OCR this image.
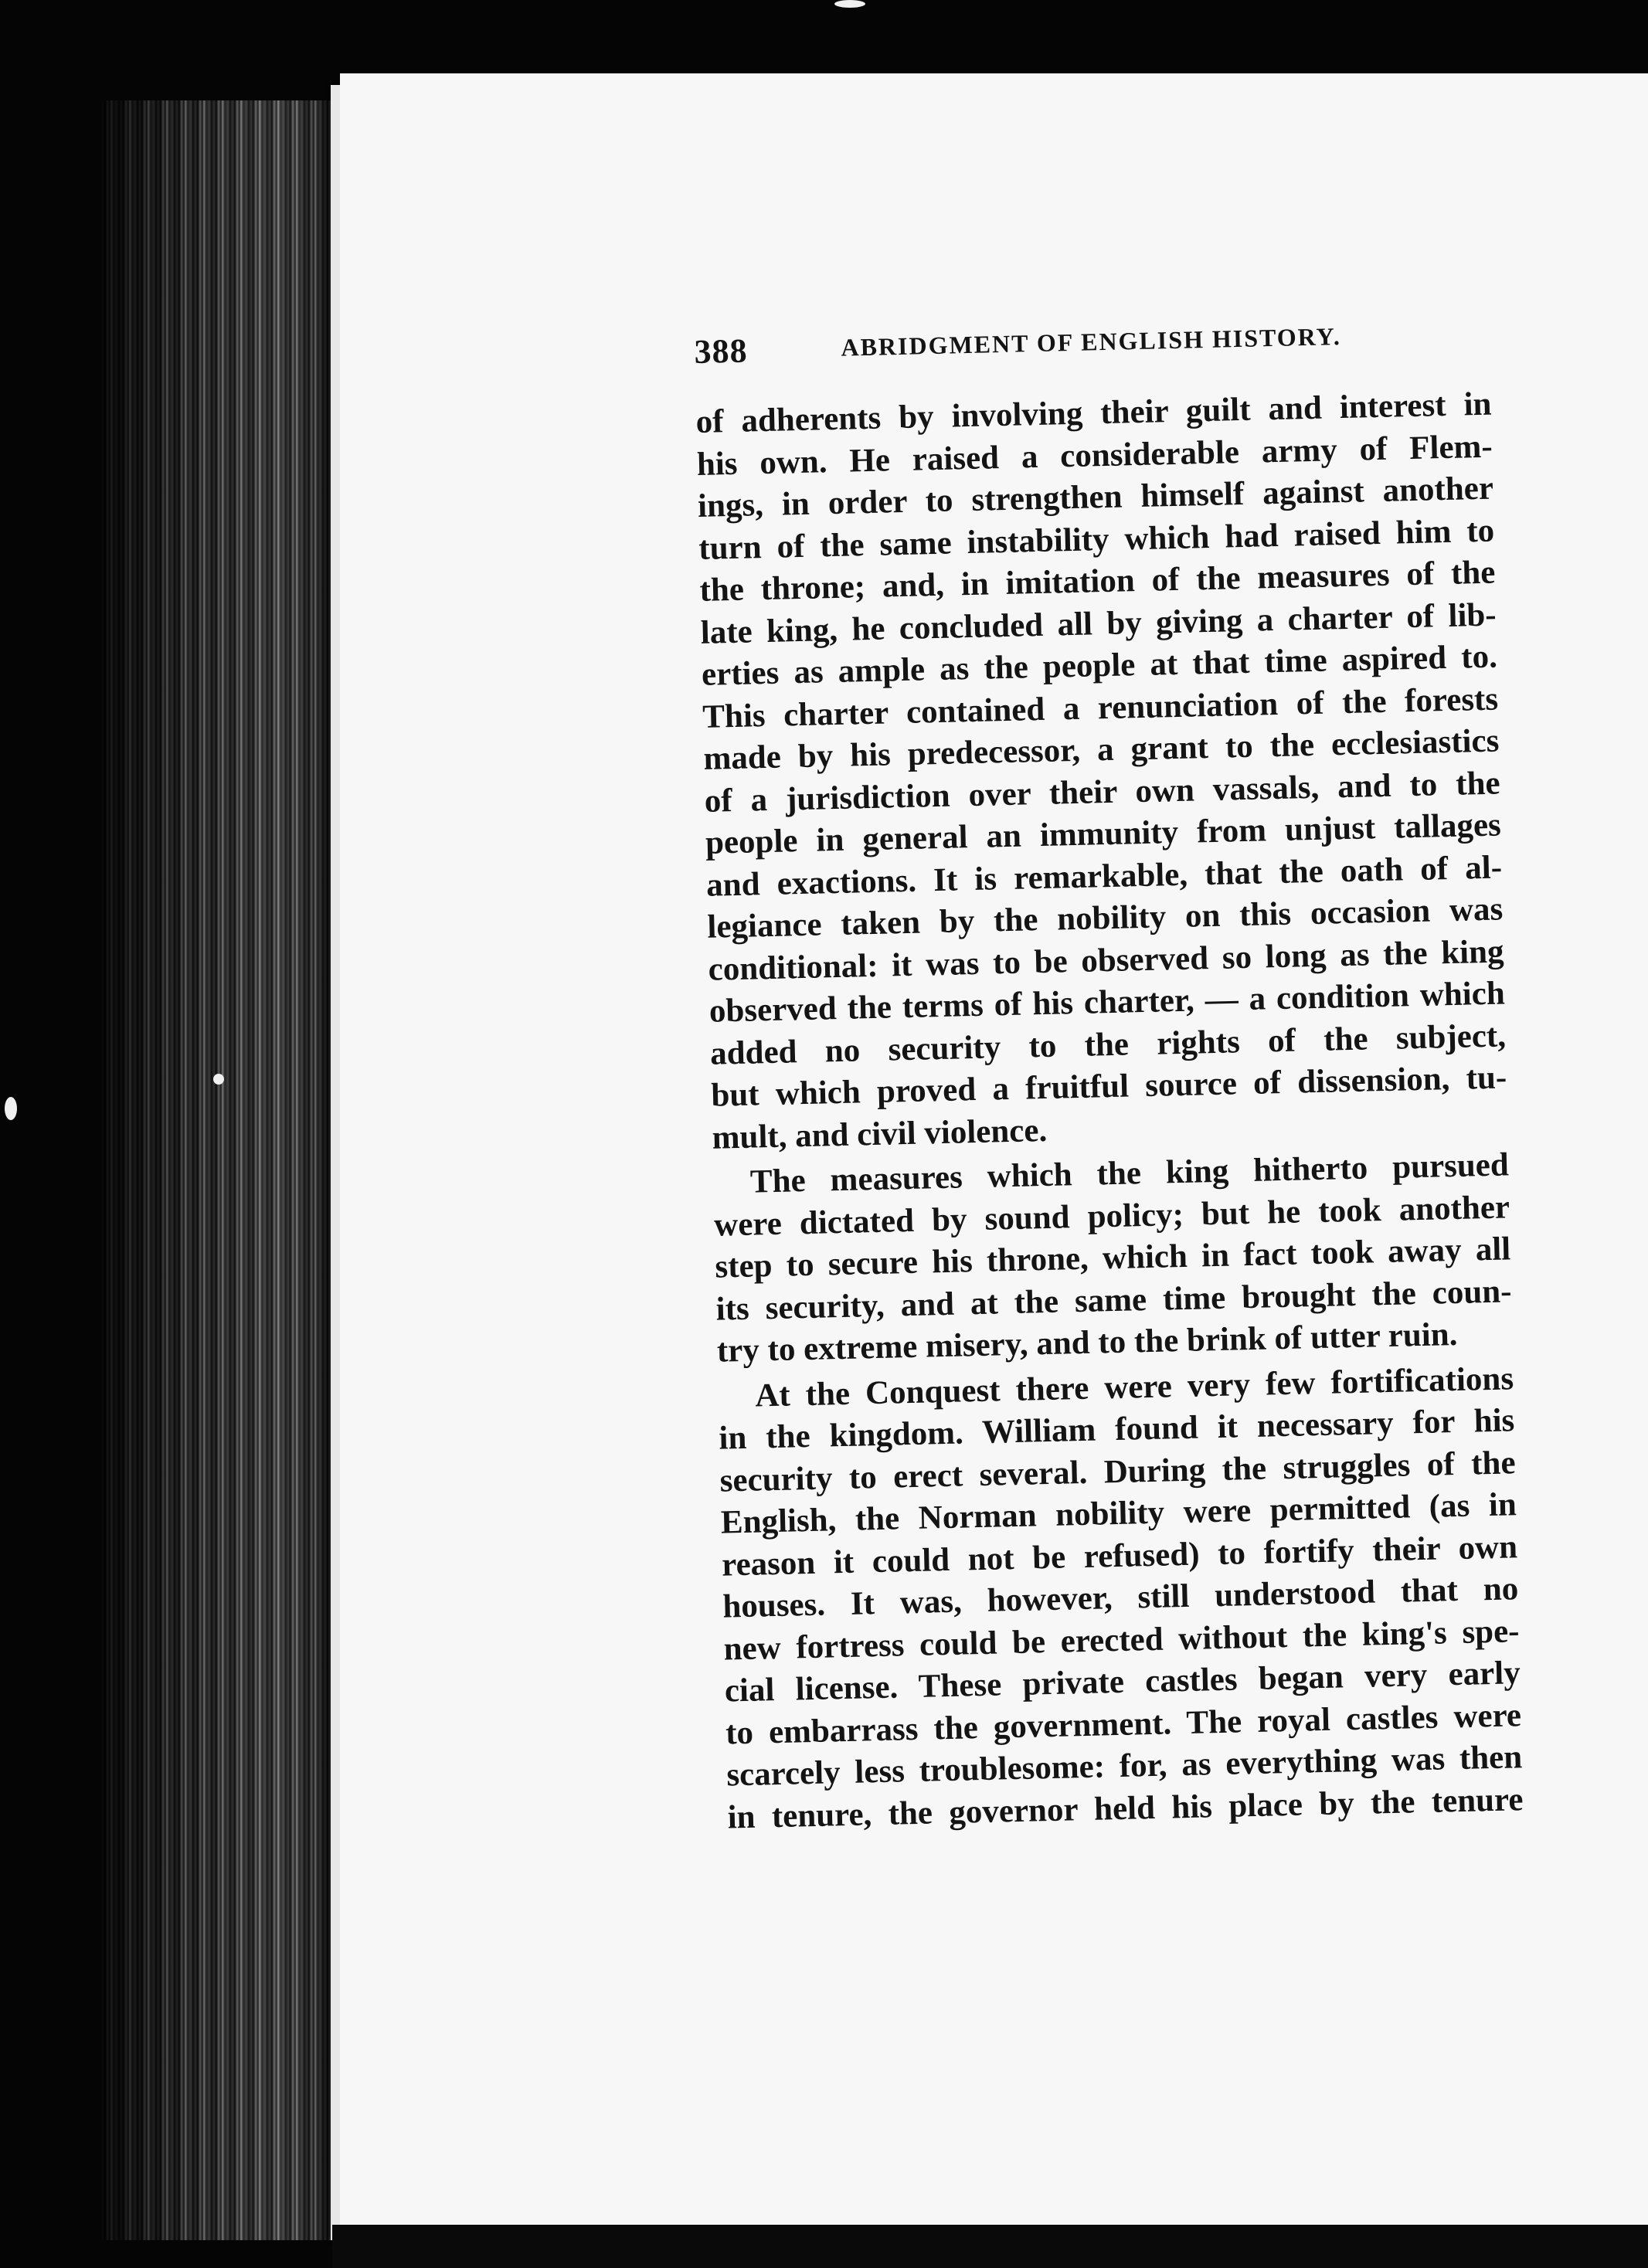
388	ABRIDGMENT OF ENGLISH HISTORY.
of adherents by involving their guilt and interest in
his own. He raised a considerable army of Flem-
ings, in order to strengthen himself against another
turn of the same instability which had raised him to
the throne; and, in imitation of the measures of the
late king, he concluded all by giving a charter of lib-
erties as ample as the people at that time aspired to.
This charter contained a renunciation of the forests
made by his predecessor, a grant to the ecclesiastics
of a jurisdiction over their own vassals, and to the
people in general an immunity from unjust tallages
and exactions. It is remarkable, that the oath of al-
legiance taken by the nobility on this occasion was
conditional: it was to be observed so long as the king
observed the terms of his charter, — a condition which
added no security to the rights of the subject,
but which proved a fruitful source of dissension, tu-
mult, and civil violence.
The measures which the king hitherto pursued
were dictated by sound policy; but he took another
step to secure his throne, which in fact took away all
its security, and at the same time brought the coun-
try to extreme misery, and to the brink of utter ruin.
At the Conquest there were very few fortifications
in the kingdom. William found it necessary for his
security to erect several. During the struggles of the
English, the Norman nobility were permitted (as in
reason it could not be refused) to fortify their own
houses. It was, however, still understood that no
new fortress could be erected without the king's spe-
cial license. These private castles began very early
to embarrass the government. The royal castles were
scarcely less troublesome: for, as everything was then
in tenure, the governor held his place by the tenure
